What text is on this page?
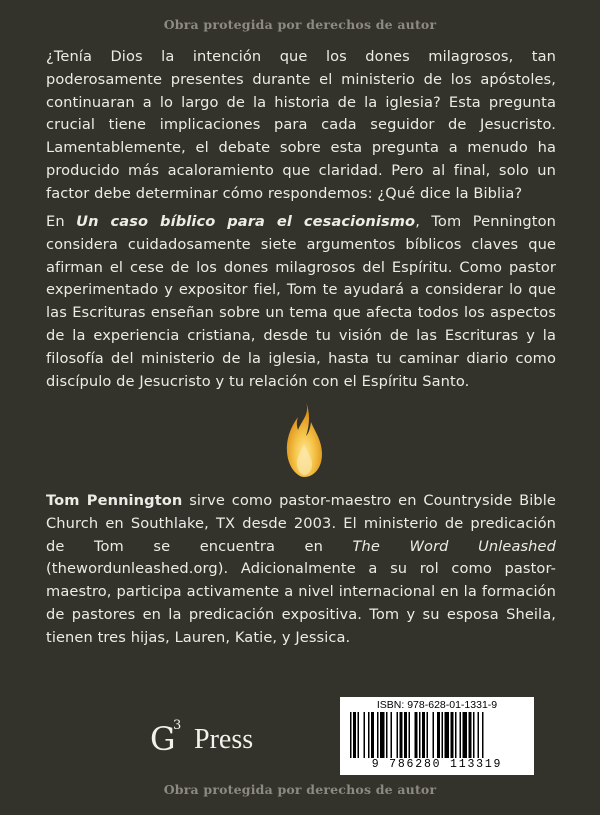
Obra protegida por derechos de autor
¿Tenía Dios la intención que los dones milagrosos, tan poderosamente presentes durante el ministerio de los apóstoles, continuaran a lo largo de la historia de la iglesia? Esta pregunta crucial tiene implicaciones para cada seguidor de Jesucristo. Lamentablemente, el debate sobre esta pregunta a menudo ha producido más acaloramiento que claridad. Pero al final, solo un factor debe determinar cómo respondemos: ¿Qué dice la Biblia?
En Un caso bíblico para el cesacionismo, Tom Pennington considera cuidadosamente siete argumentos bíblicos claves que afirman el cese de los dones milagrosos del Espíritu. Como pastor experimentado y expositor fiel, Tom te ayudará a considerar lo que las Escrituras enseñan sobre un tema que afecta todos los aspectos de la experiencia cristiana, desde tu visión de las Escrituras y la filosofía del ministerio de la iglesia, hasta tu caminar diario como discípulo de Jesucristo y tu relación con el Espíritu Santo.
Tom Pennington sirve como pastor-maestro en Countryside Bible Church en Southlake, TX desde 2003. El ministerio de predicación de Tom se encuentra en The Word Unleashed (thewordunleashed.org). Adicionalmente a su rol como pastor-maestro, participa activamente a nivel internacional en la formación de pastores en la predicación expositiva. Tom y su esposa Sheila, tienen tres hijas, Lauren, Katie, y Jessica.
G
3 Press
ISBN: 978-628-01-1331-9
9 786280 113319
Obra protegida por derechos de autor
